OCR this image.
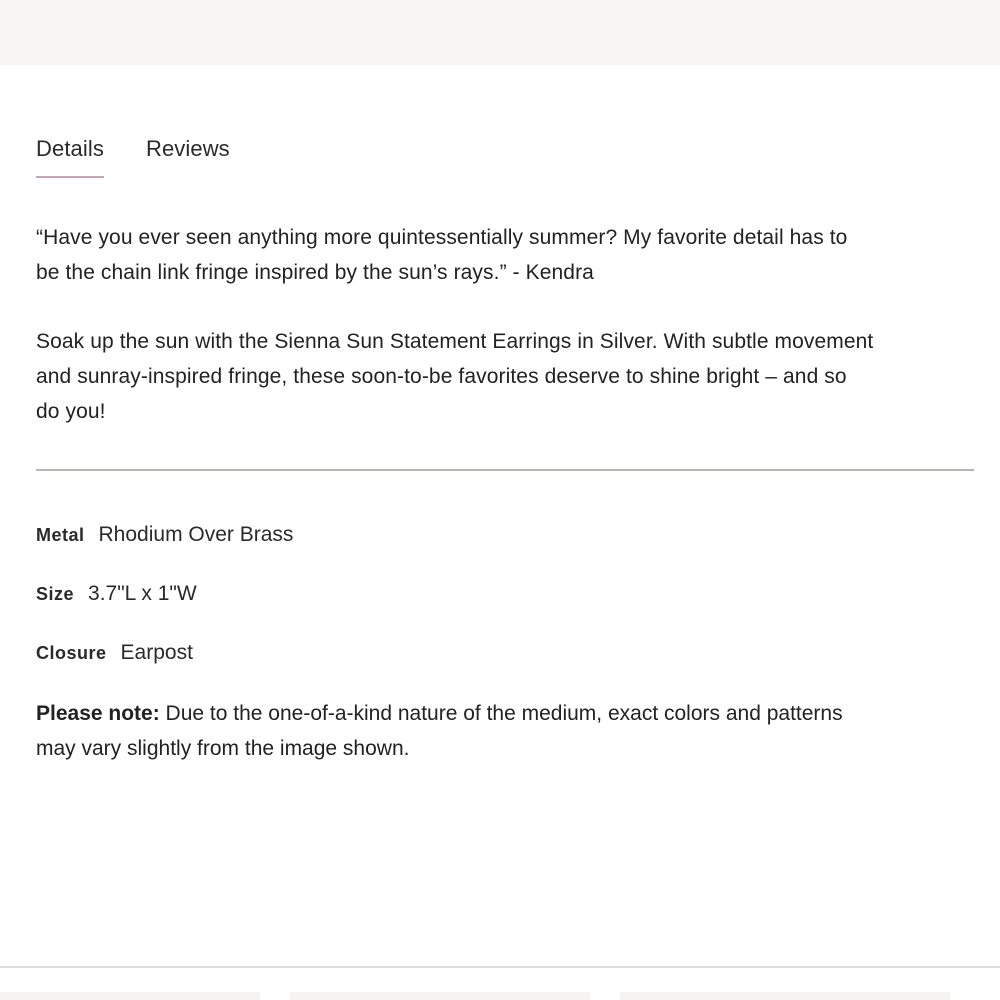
Details Reviews
“Have you ever seen anything more quintessentially summer? My favorite detail has to
be the chain link fringe inspired by the sun’s rays.” - Kendra
Soak up the sun with the Sienna Sun Statement Earrings in Silver. With subtle movement
and sunray-inspired fringe, these soon-to-be favorites deserve to shine bright – and so
do you!
Metal Rhodium Over Brass
Size 3.7"L x 1"W
Closure Earpost
Please note: Due to the one-of-a-kind nature of the medium, exact colors and patterns
may vary slightly from the image shown.
